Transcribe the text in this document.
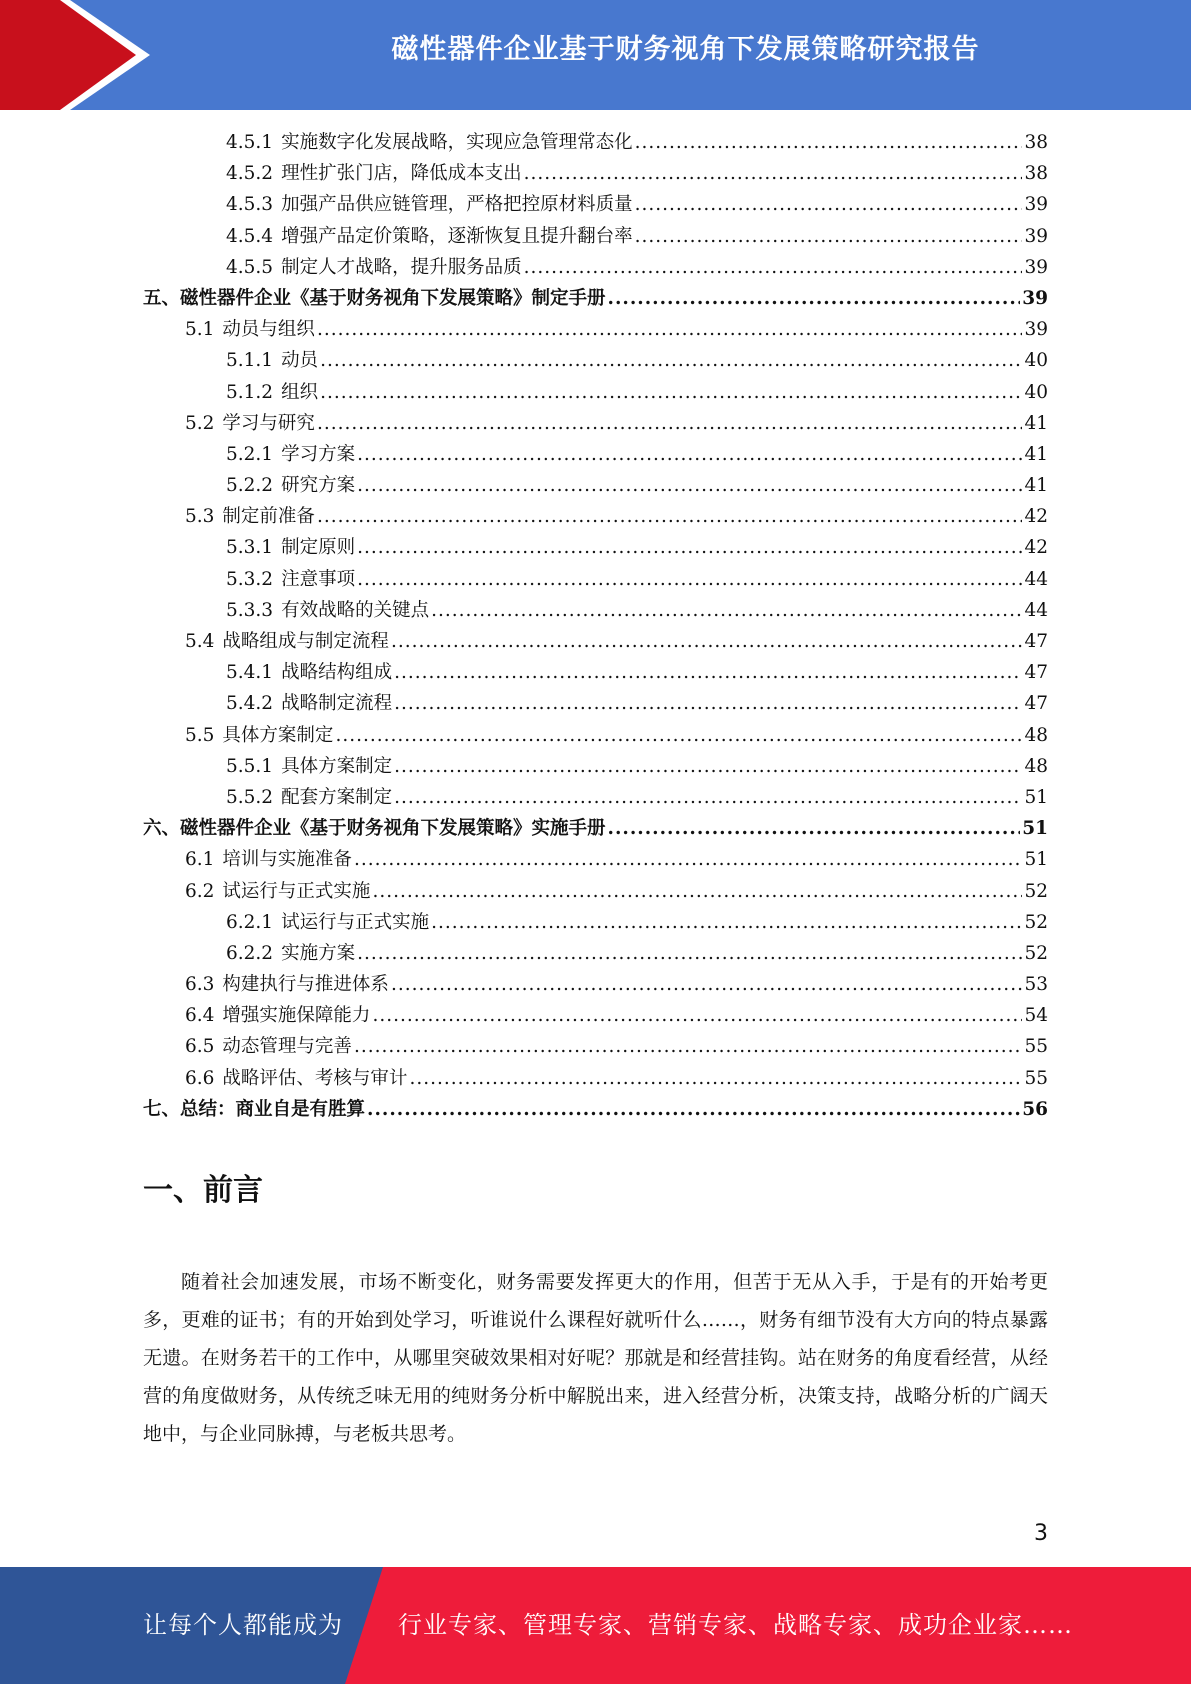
磁性器件企业基于财务视角下发展策略研究报告
4.5.1 实施数字化发展战略，实现应急管理常态化 .....	38
4.5.2 理性扩张门店，降低成本支出 .....	38
4.5.3 加强产品供应链管理，严格把控原材料质量 .....	39
4.5.4 增强产品定价策略，逐渐恢复且提升翻台率 .....	39
4.5.5 制定人才战略，提升服务品质 .....	39
五、 磁性器件企业《基于财务视角下发展策略》制定手册 .....	39
5.1 动员与组织 .....	39
5.1.1 动员 .....	40
5.1.2 组织 .....	40
5.2 学习与研究 .....	41
5.2.1 学习方案 .....	41
5.2.2 研究方案 .....	41
5.3 制定前准备 .....	42
5.3.1 制定原则 .....	42
5.3.2 注意事项 .....	44
5.3.3 有效战略的关键点 .....	44
5.4 战略组成与制定流程 .....	47
5.4.1 战略结构组成 .....	47
5.4.2 战略制定流程 .....	47
5.5 具体方案制定 .....	48
5.5.1 具体方案制定 .....	48
5.5.2 配套方案制定 .....	51
六、 磁性器件企业《基于财务视角下发展策略》实施手册 .....	51
6.1 培训与实施准备 .....	51
6.2 试运行与正式实施 .....	52
6.2.1 试运行与正式实施 .....	52
6.2.2 实施方案 .....	52
6.3 构建执行与推进体系 .....	53
6.4 增强实施保障能力 .....	54
6.5 动态管理与完善 .....	55
6.6 战略评估、考核与审计 .....	55
七、 总结：商业自是有胜算 .....	56
一、前言
随着社会加速发展，市场不断变化，财务需要发挥更大的作用，但苦于无从入手，于是有的开始考更多，更难的证书；有的开始到处学习，听谁说什么课程好就听什么……，财务有细节没有大方向的特点暴露无遗。在财务若干的工作中，从哪里突破效果相对好呢？那就是和经营挂钩。站在财务的角度看经营，从经营的角度做财务，从传统乏味无用的纯财务分析中解脱出来，进入经营分析，决策支持，战略分析的广阔天地中，与企业同脉搏，与老板共思考。
3
让每个人都能成为 行业专家、管理专家、营销专家、战略专家、成功企业家……
